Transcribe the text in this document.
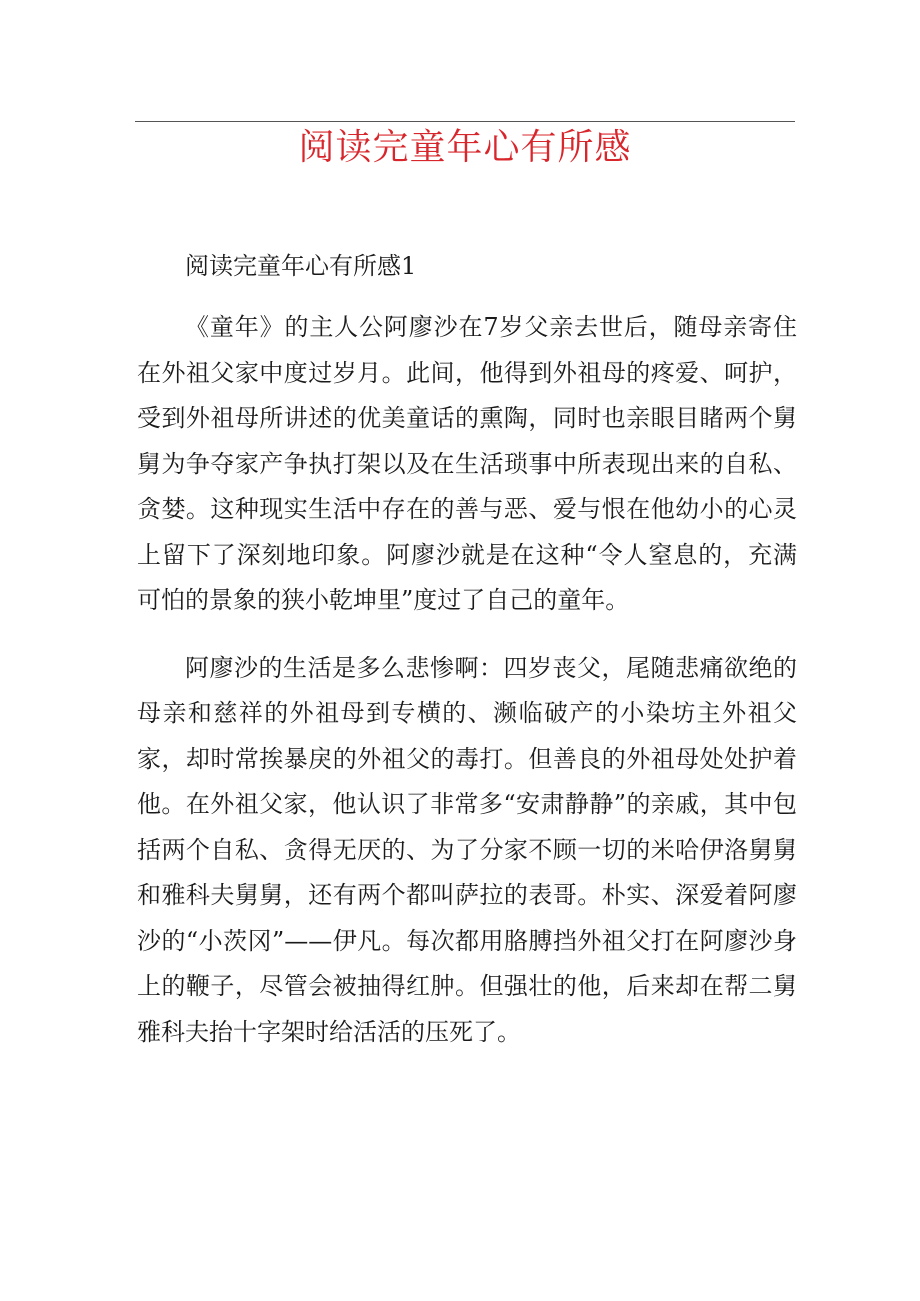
阅读完童年心有所感

阅读完童年心有所感1

《童年》的主人公阿廖沙在7岁父亲去世后，随母亲寄住在外祖父家中度过岁月。此间，他得到外祖母的疼爱、呵护，受到外祖母所讲述的优美童话的熏陶，同时也亲眼目睹两个舅舅为争夺家产争执打架以及在生活琐事中所表现出来的自私、贪婪。这种现实生活中存在的善与恶、爱与恨在他幼小的心灵上留下了深刻地印象。阿廖沙就是在这种“令人窒息的，充满可怕的景象的狭小乾坤里”度过了自己的童年。

阿廖沙的生活是多么悲惨啊：四岁丧父，尾随悲痛欲绝的母亲和慈祥的外祖母到专横的、濒临破产的小染坊主外祖父家，却时常挨暴戾的外祖父的毒打。但善良的外祖母处处护着他。在外祖父家，他认识了非常多“安肃静静”的亲戚，其中包括两个自私、贪得无厌的、为了分家不顾一切的米哈伊洛舅舅和雅科夫舅舅，还有两个都叫萨拉的表哥。朴实、深爱着阿廖沙的“小茨冈”——伊凡。每次都用胳膊挡外祖父打在阿廖沙身上的鞭子，尽管会被抽得红肿。但强壮的他，后来却在帮二舅雅科夫抬十字架时给活活的压死了。
